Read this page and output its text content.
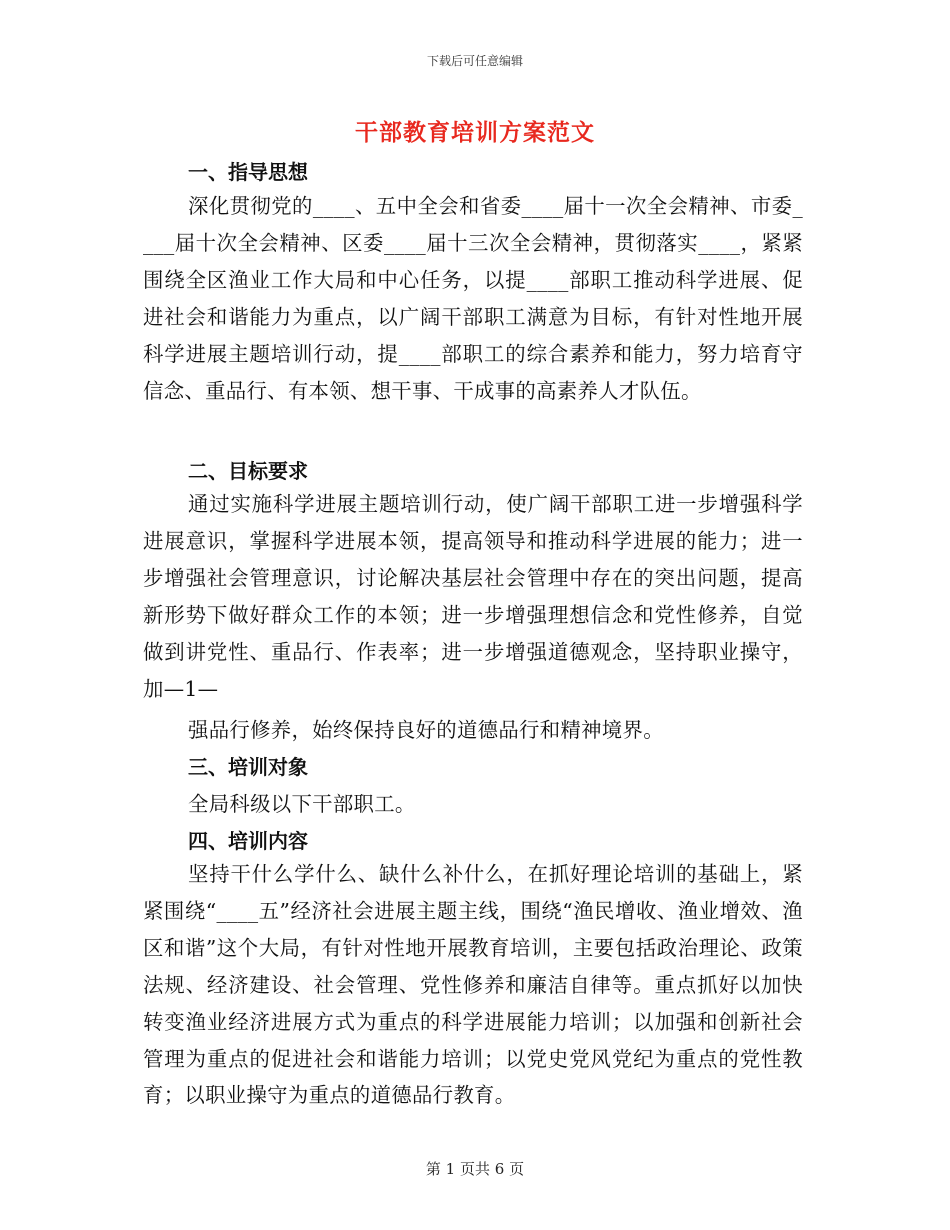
下载后可任意编辑
干部教育培训方案范文
一、指导思想
深化贯彻党的____、五中全会和省委____届十一次全会精神、市委____届十次全会精神、区委____届十三次全会精神，贯彻落实____，紧紧围绕全区渔业工作大局和中心任务，以提____部职工推动科学进展、促进社会和谐能力为重点，以广阔干部职工满意为目标，有针对性地开展科学进展主题培训行动，提____部职工的综合素养和能力，努力培育守信念、重品行、有本领、想干事、干成事的高素养人才队伍。
二、目标要求
通过实施科学进展主题培训行动，使广阔干部职工进一步增强科学进展意识，掌握科学进展本领，提高领导和推动科学进展的能力；进一步增强社会管理意识，讨论解决基层社会管理中存在的突出问题，提高新形势下做好群众工作的本领；进一步增强理想信念和党性修养，自觉做到讲党性、重品行、作表率；进一步增强道德观念，坚持职业操守，加—1—
强品行修养，始终保持良好的道德品行和精神境界。
三、培训对象
全局科级以下干部职工。
四、培训内容
坚持干什么学什么、缺什么补什么，在抓好理论培训的基础上，紧紧围绕“____五”经济社会进展主题主线，围绕“渔民增收、渔业增效、渔区和谐”这个大局，有针对性地开展教育培训，主要包括政治理论、政策法规、经济建设、社会管理、党性修养和廉洁自律等。重点抓好以加快转变渔业经济进展方式为重点的科学进展能力培训；以加强和创新社会管理为重点的促进社会和谐能力培训；以党史党风党纪为重点的党性教育；以职业操守为重点的道德品行教育。
第 1 页共 6 页
